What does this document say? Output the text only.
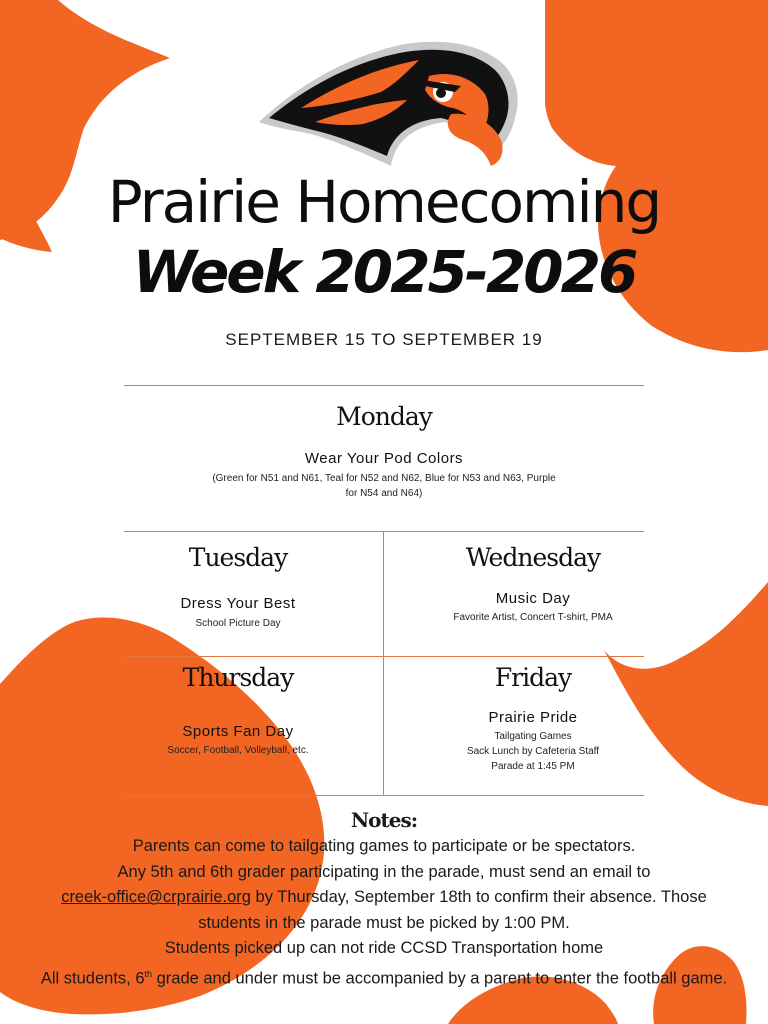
Prairie Homecoming
Week 2025-2026
SEPTEMBER 15 TO SEPTEMBER 19
Monday
Wear Your Pod Colors
(Green for N51 and N61, Teal for N52 and N62, Blue for N53 and N63, Purple
for N54 and N64)
Tuesday
Dress Your Best
School Picture Day
Wednesday
Music Day
Favorite Artist, Concert T-shirt, PMA
Thursday
Sports Fan Day
Soccer, Football, Volleyball, etc.
Friday
Prairie Pride
Tailgating Games
Sack Lunch by Cafeteria Staff
Parade at 1:45 PM
Notes:

Parents can come to tailgating games to participate or be spectators.

Any 5th and 6th grader participating in the parade, must send an email to
creek-office@crprairie.org by Thursday, September 18th to confirm their absence. Those students in the parade must be picked by 1:00 PM.

Students picked up can not ride CCSD Transportation home

All students, 6th grade and under must be accompanied by a parent to enter the football game.
